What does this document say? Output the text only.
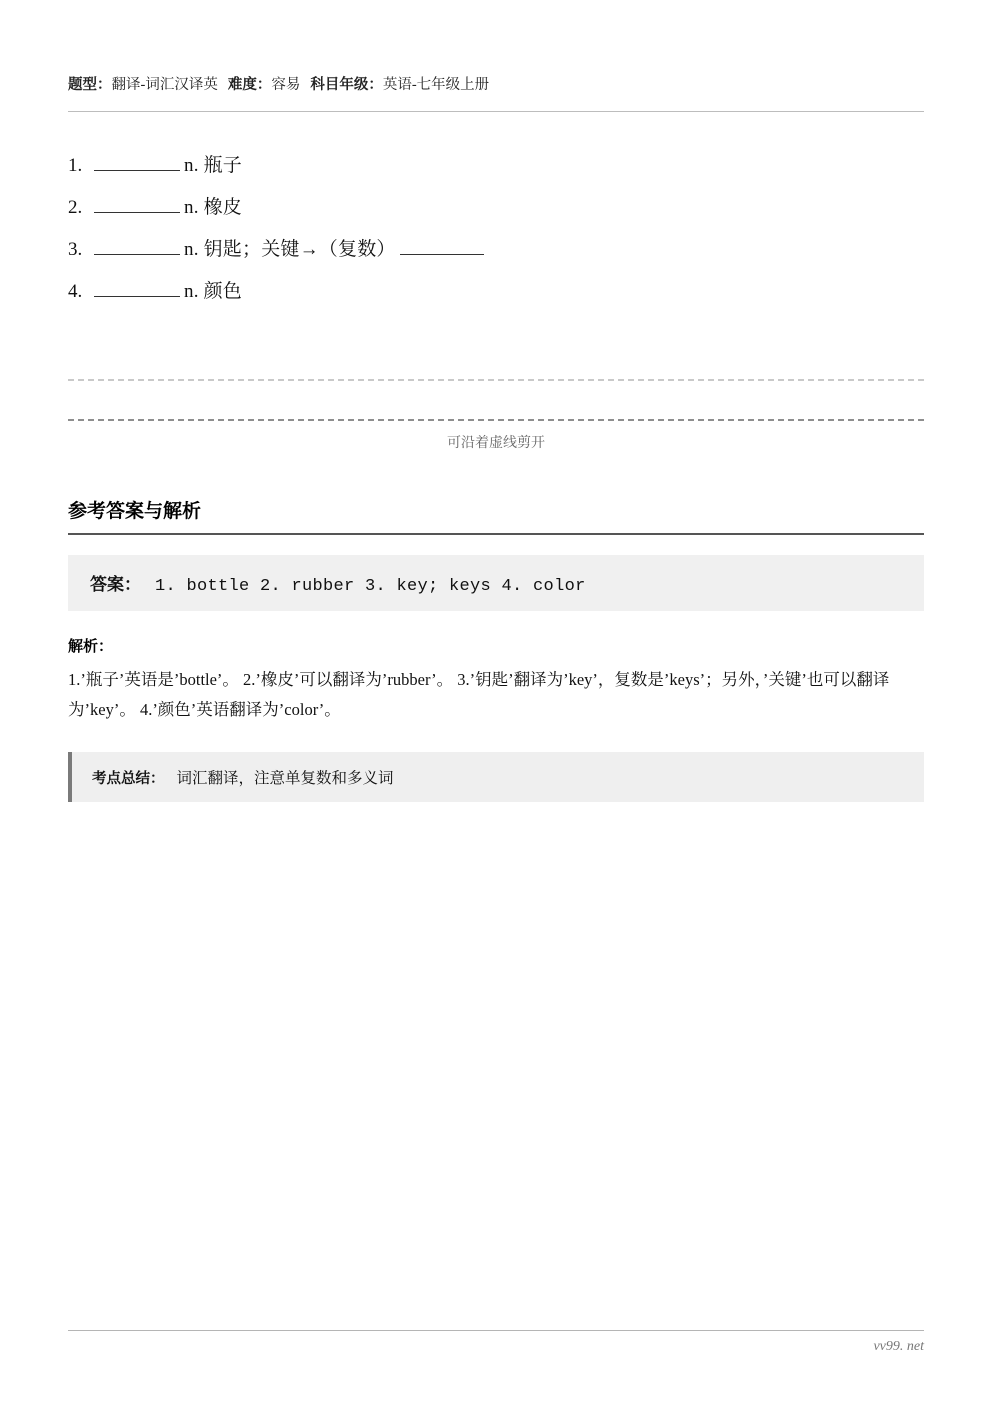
题型：翻译-词汇汉译英 难度：容易 科目年级：英语-七年级上册
1.	n. 瓶子
2.	n. 橡皮
3.	n. 钥匙；关键→（复数）
4.	n. 颜色
可沿着虚线剪开
参考答案与解析
答案： 1. bottle 2. rubber 3. key; keys 4. color
解析：
1.’瓶子’英语是’bottle’。 2.’橡皮’可以翻译为’rubber’。 3.’钥匙’翻译为’key’，复数是’keys’；另外，’关键’也可以翻译为’key’。 4.’颜色’英语翻译为’color’。
考点总结： 词汇翻译，注意单复数和多义词
vv99. net
